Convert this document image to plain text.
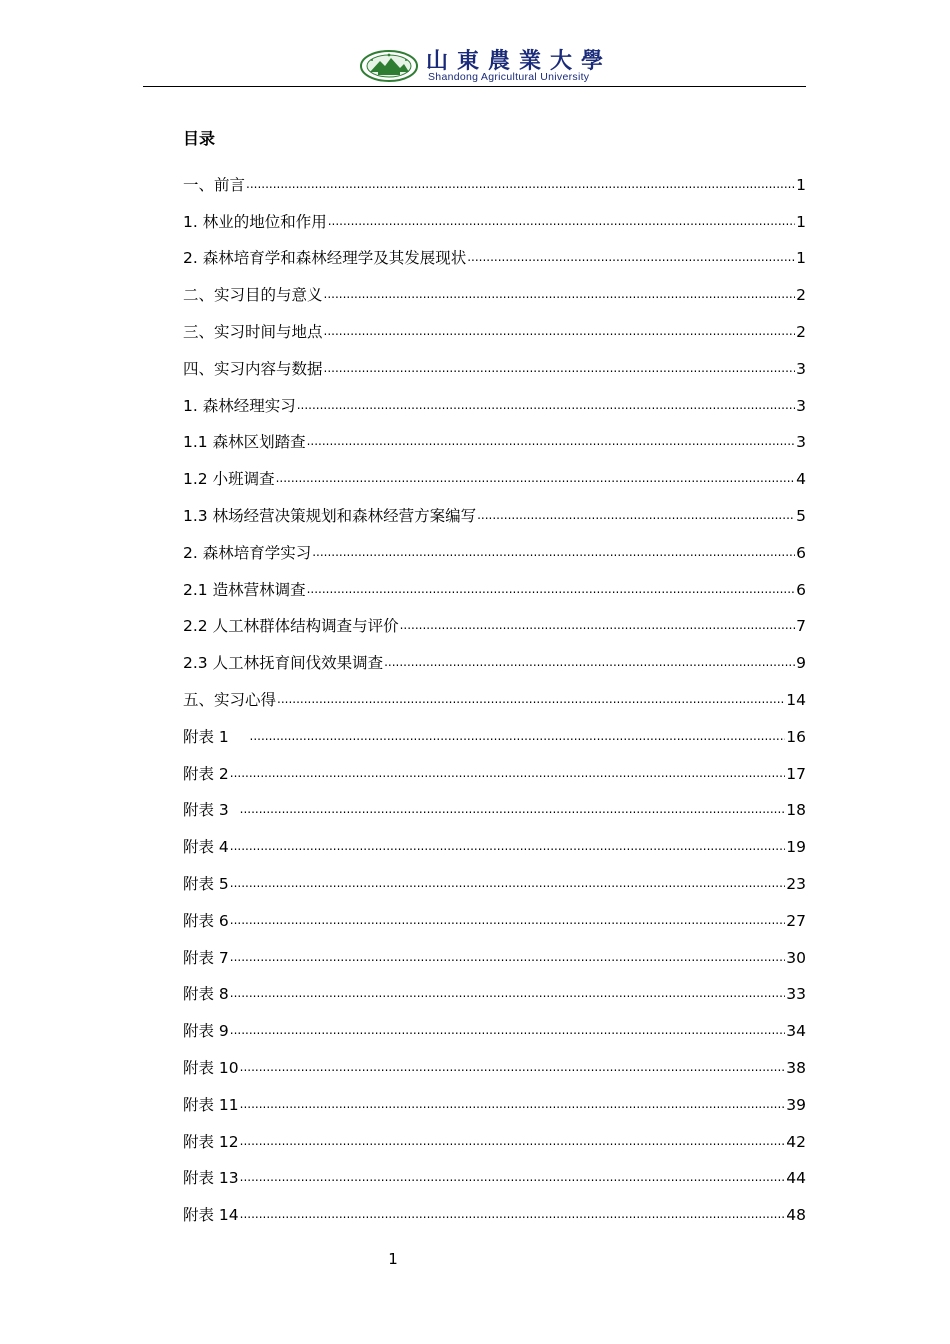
山東農業大學
Shandong Agricultural University
目录
一、前言 .....	1
1. 林业的地位和作用 .....	1
2. 森林培育学和森林经理学及其发展现状 .....	1
二、实习目的与意义 .....	2
三、实习时间与地点 .....	2
四、实习内容与数据 .....	3
1. 森林经理实习 .....	3
1.1 森林区划踏查 .....	3
1.2 小班调查 .....	4
1.3 林场经营决策规划和森林经营方案编写 .....	5
2. 森林培育学实习 .....	6
2.1 造林营林调查 .....	6
2.2 人工林群体结构调查与评价 .....	7
2.3 人工林抚育间伐效果调查 .....	9
五、实习心得 .....	14
附表 1 .....	16
附表 2 .....	17
附表 3 .....	18
附表 4 .....	19
附表 5 .....	23
附表 6 .....	27
附表 7 .....	30
附表 8 .....	33
附表 9 .....	34
附表 10 .....	38
附表 11 .....	39
附表 12 .....	42
附表 13 .....	44
附表 14 .....	48
1
